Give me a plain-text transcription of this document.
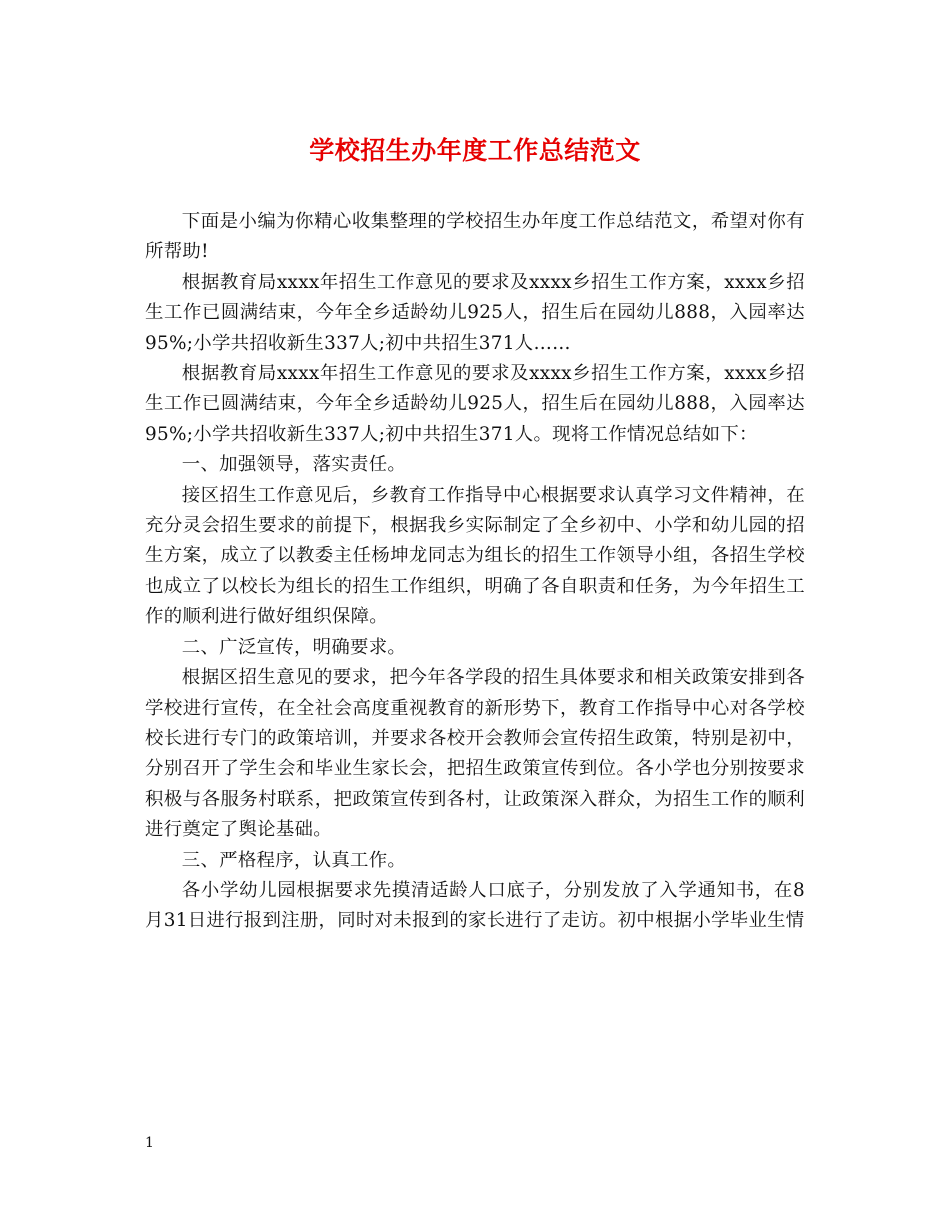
学校招生办年度工作总结范文

下面是小编为你精心收集整理的学校招生办年度工作总结范文，希望对你有所帮助!

根据教育局xxxx年招生工作意见的要求及xxxx乡招生工作方案，xxxx乡招生工作已圆满结束，今年全乡适龄幼儿925人，招生后在园幼儿888，入园率达95%;小学共招收新生337人;初中共招生371人……

根据教育局xxxx年招生工作意见的要求及xxxx乡招生工作方案，xxxx乡招生工作已圆满结束，今年全乡适龄幼儿925人，招生后在园幼儿888，入园率达95%;小学共招收新生337人;初中共招生371人。现将工作情况总结如下：

一、加强领导，落实责任。

接区招生工作意见后，乡教育工作指导中心根据要求认真学习文件精神，在充分灵会招生要求的前提下，根据我乡实际制定了全乡初中、小学和幼儿园的招生方案，成立了以教委主任杨坤龙同志为组长的招生工作领导小组，各招生学校也成立了以校长为组长的招生工作组织，明确了各自职责和任务，为今年招生工作的顺利进行做好组织保障。

二、广泛宣传，明确要求。

根据区招生意见的要求，把今年各学段的招生具体要求和相关政策安排到各学校进行宣传，在全社会高度重视教育的新形势下，教育工作指导中心对各学校校长进行专门的政策培训，并要求各校开会教师会宣传招生政策，特别是初中，分别召开了学生会和毕业生家长会，把招生政策宣传到位。各小学也分别按要求积极与各服务村联系，把政策宣传到各村，让政策深入群众，为招生工作的顺利进行奠定了舆论基础。

三、严格程序，认真工作。

各小学幼儿园根据要求先摸清适龄人口底子，分别发放了入学通知书，在8月31日进行报到注册，同时对未报到的家长进行了走访。初中根据小学毕业生情

1
